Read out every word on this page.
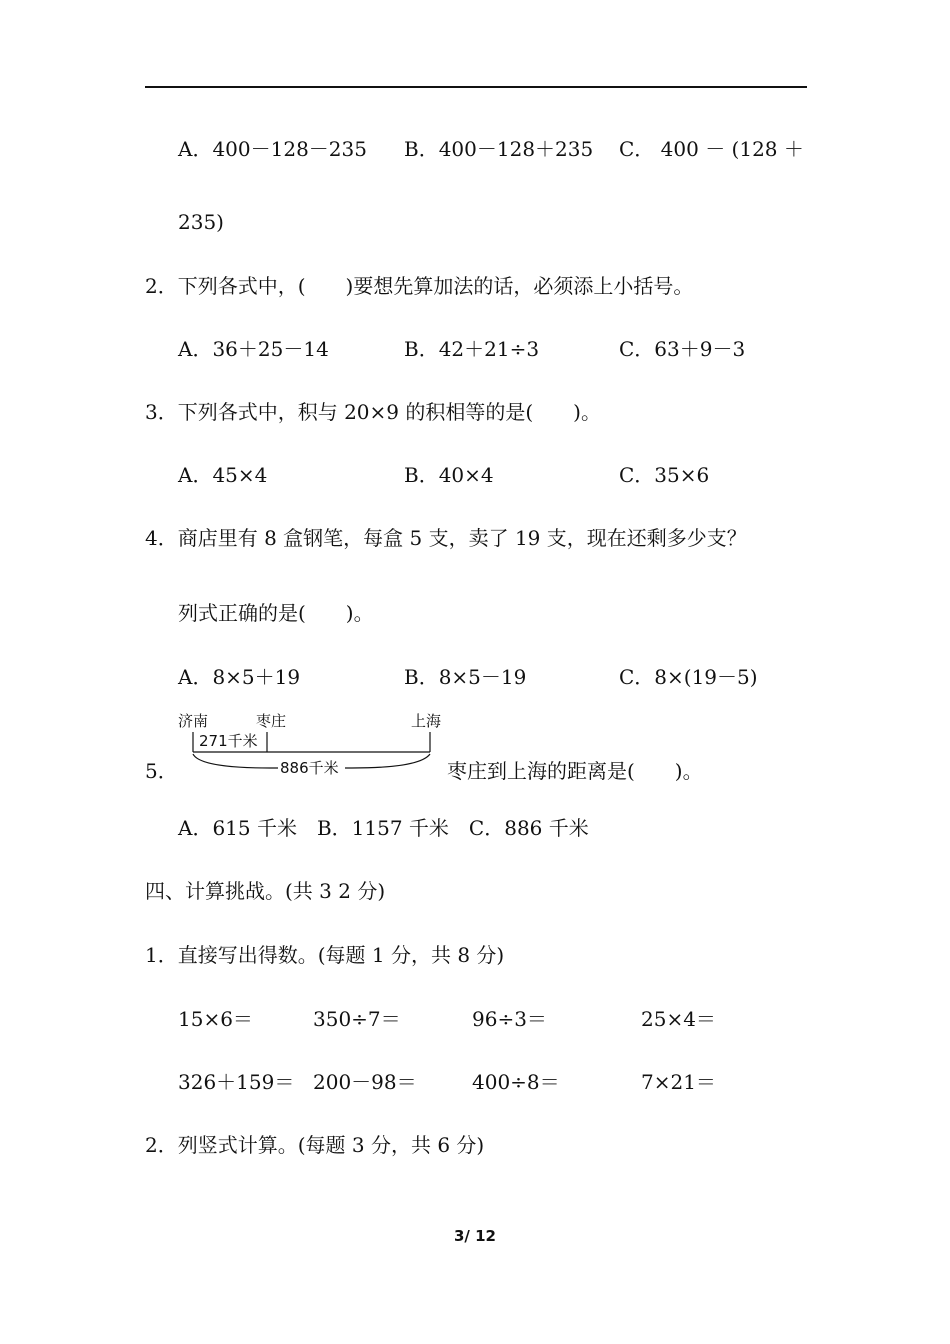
A．400－128－235 B．400－128＋235 C． 400 － (128 ＋
235)
2．下列各式中，(　　)要想先算加法的话，必须添上小括号。
A．36＋25－14	B．42＋21÷3	C．63＋9－3
3．下列各式中，积与 20×9 的积相等的是(　　)。
A．45×4	B．40×4	C．35×6
4．商店里有 8 盒钢笔，每盒 5 支，卖了 19 支，现在还剩多少支？
列式正确的是(　　)。
A．8×5＋19	B．8×5－19	C．8×(19－5)
5．
济南	枣庄	上海
271千米
886千米	枣庄到上海的距离是(　　)。
A．615 千米　B．1157 千米　C．886 千米
四、计算挑战。(共 3 2 分)
1．直接写出得数。(每题 1 分，共 8 分)
15×6＝	350÷7＝	96÷3＝	25×4＝
326＋159＝ 200－98＝	400÷8＝	7×21＝
2．列竖式计算。(每题 3 分，共 6 分)
3/ 12
